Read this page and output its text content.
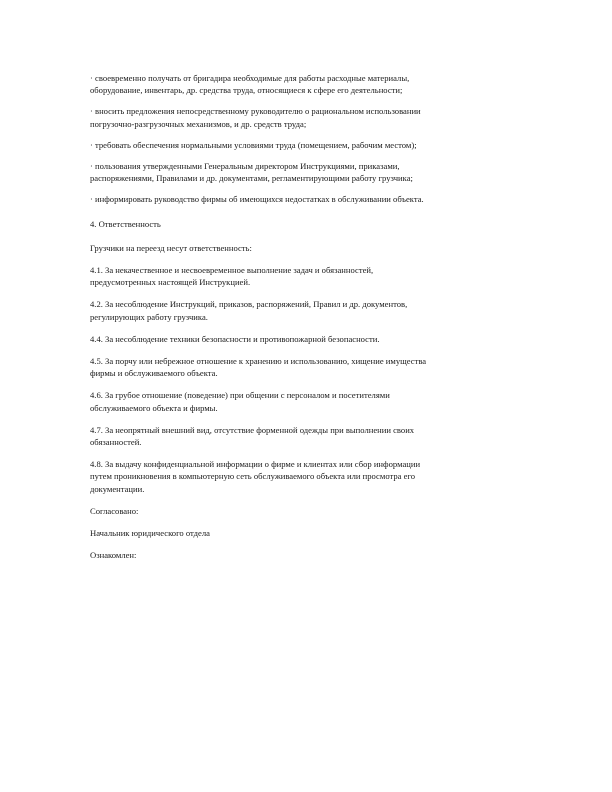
· своевременно получать от бригадира необходимые для работы расходные материалы,
оборудование, инвентарь, др. средства труда, относящиеся к сфере его деятельности;

· вносить предложения непосредственному руководителю о рациональном использовании
погрузочно-разгрузочных механизмов, и др. средств труда;

· требовать обеспечения нормальными условиями труда (помещением, рабочим местом);

· пользования утвержденными Генеральным директором Инструкциями, приказами,
распоряжениями, Правилами и др. документами, регламентирующими работу грузчика;

· информировать руководство фирмы об имеющихся недостатках в обслуживании объекта.

4. Ответственность

Грузчики на переезд несут ответственность:

4.1. За некачественное и несвоевременное выполнение задач и обязанностей,
предусмотренных настоящей Инструкцией.

4.2. За несоблюдение Инструкций, приказов, распоряжений, Правил и др. документов,
регулирующих работу грузчика.

4.4. За несоблюдение техники безопасности и противопожарной безопасности.

4.5. За порчу или небрежное отношение к хранению и использованию, хищение имущества
фирмы и обслуживаемого объекта.

4.6. За грубое отношение (поведение) при общении с персоналом и посетителями
обслуживаемого объекта и фирмы.

4.7. За неопрятный внешний вид, отсутствие форменной одежды при выполнении своих
обязанностей.

4.8. За выдачу конфиденциальной информации о фирме и клиентах или сбор информации
путем проникновения в компьютерную сеть обслуживаемого объекта или просмотра его
документации.

Согласовано:

Начальник юридического отдела

Ознакомлен:
